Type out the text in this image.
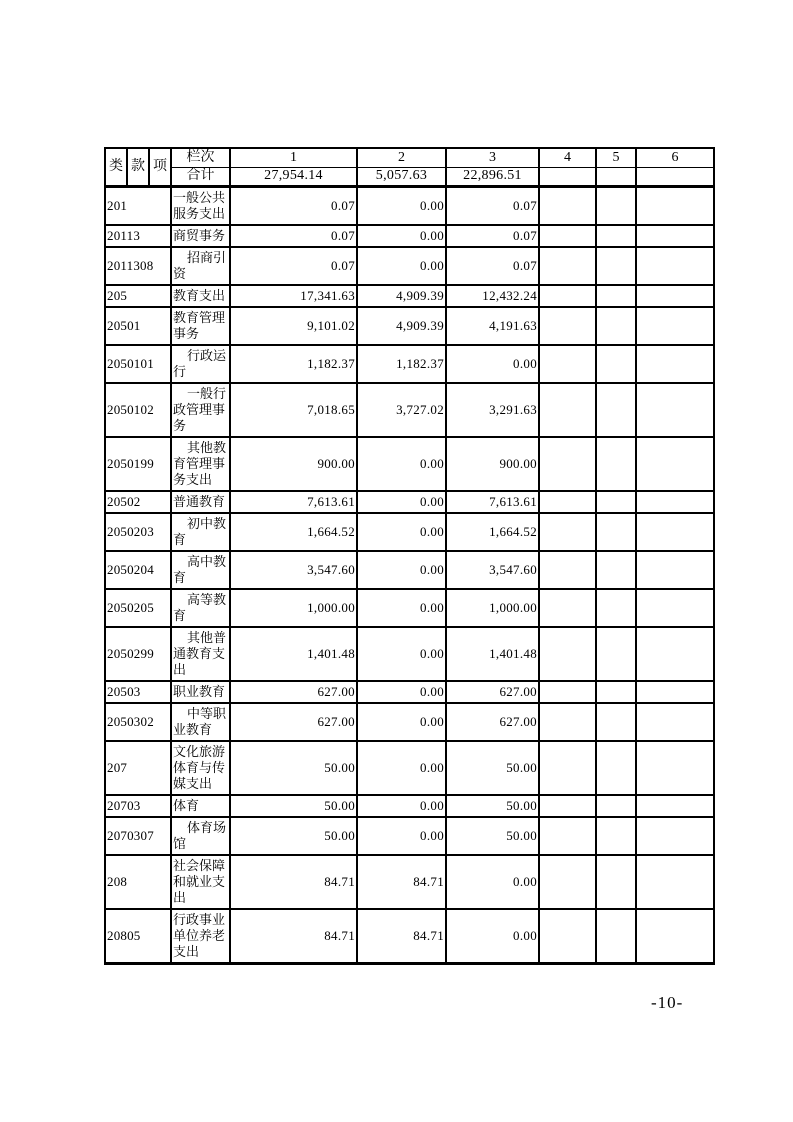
类	款	项	栏次	1	2	3	4	5	6
			合计	27,954.14	5,057.63	22,896.51			
201			一般公共服务支出	0.07	0.00	0.07			
20113			商贸事务	0.07	0.00	0.07			
2011308			招商引资	0.07	0.00	0.07			
205			教育支出	17,341.63	4,909.39	12,432.24			
20501			教育管理事务	9,101.02	4,909.39	4,191.63			
2050101			行政运行	1,182.37	1,182.37	0.00			
2050102			一般行政管理事务	7,018.65	3,727.02	3,291.63			
2050199			其他教育管理事务支出	900.00	0.00	900.00			
20502			普通教育	7,613.61	0.00	7,613.61			
2050203			初中教育	1,664.52	0.00	1,664.52			
2050204			高中教育	3,547.60	0.00	3,547.60			
2050205			高等教育	1,000.00	0.00	1,000.00			
2050299			其他普通教育支出	1,401.48	0.00	1,401.48			
20503			职业教育	627.00	0.00	627.00			
2050302			中等职业教育	627.00	0.00	627.00			
207			文化旅游体育与传媒支出	50.00	0.00	50.00			
20703			体育	50.00	0.00	50.00			
2070307			体育场馆	50.00	0.00	50.00			
208			社会保障和就业支出	84.71	84.71	0.00			
20805			行政事业单位养老支出	84.71	84.71	0.00			
-10-
